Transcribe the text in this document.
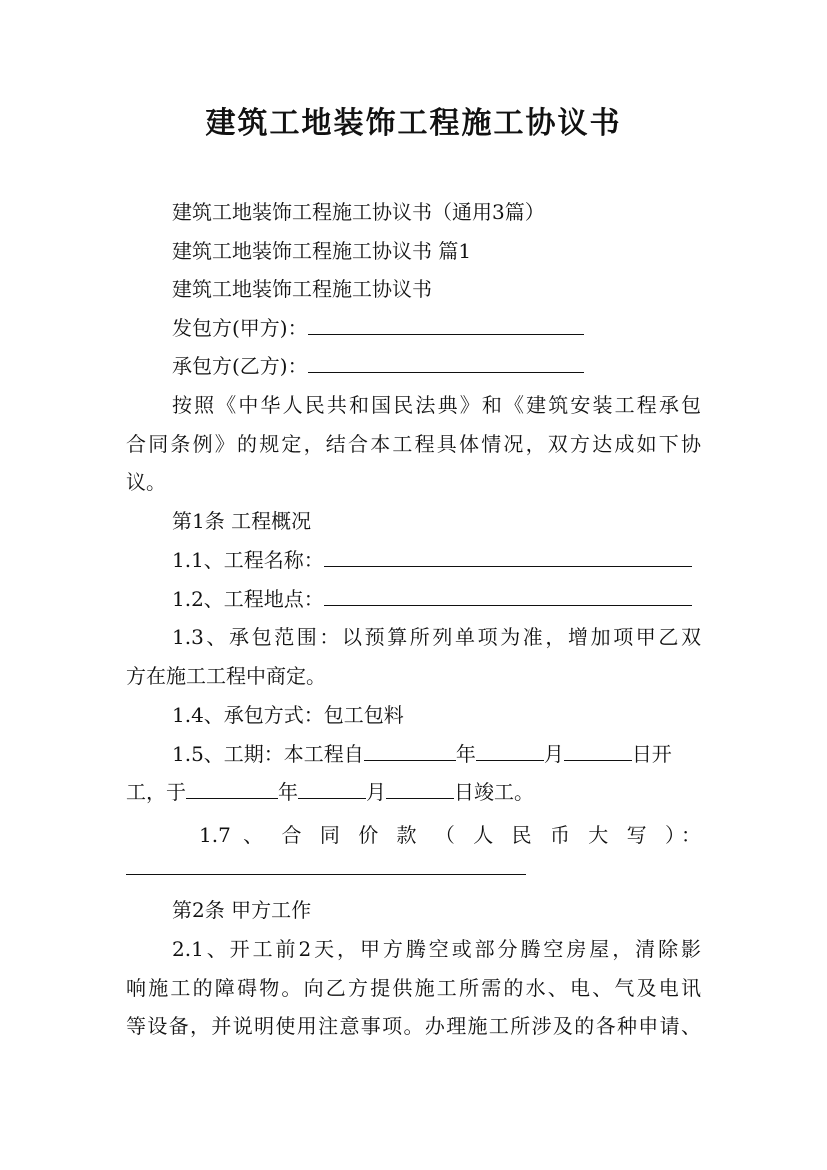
建筑工地装饰工程施工协议书
建筑工地装饰工程施工协议书（通用3篇）
建筑工地装饰工程施工协议书 篇1
建筑工地装饰工程施工协议书
发包方(甲方)：
承包方(乙方)：
按照《中华人民共和国民法典》和《建筑安装工程承包
合同条例》的规定，结合本工程具体情况，双方达成如下协
议。
第1条 工程概况
1.1、工程名称：
1.2、工程地点：
1.3、承包范围：以预算所列单项为准，增加项甲乙双
方在施工工程中商定。
1.4、承包方式：包工包料
1.5、工期：本工程自	年	月	日开
工，于	年	月	日竣工。
1.7 、 合 同 价 款 （ 人 民 币 大 写 ）：
第2条 甲方工作
2.1、开工前2天，甲方腾空或部分腾空房屋，清除影
响施工的障碍物。向乙方提供施工所需的水、电、气及电讯
等设备，并说明使用注意事项。办理施工所涉及的各种申请、
